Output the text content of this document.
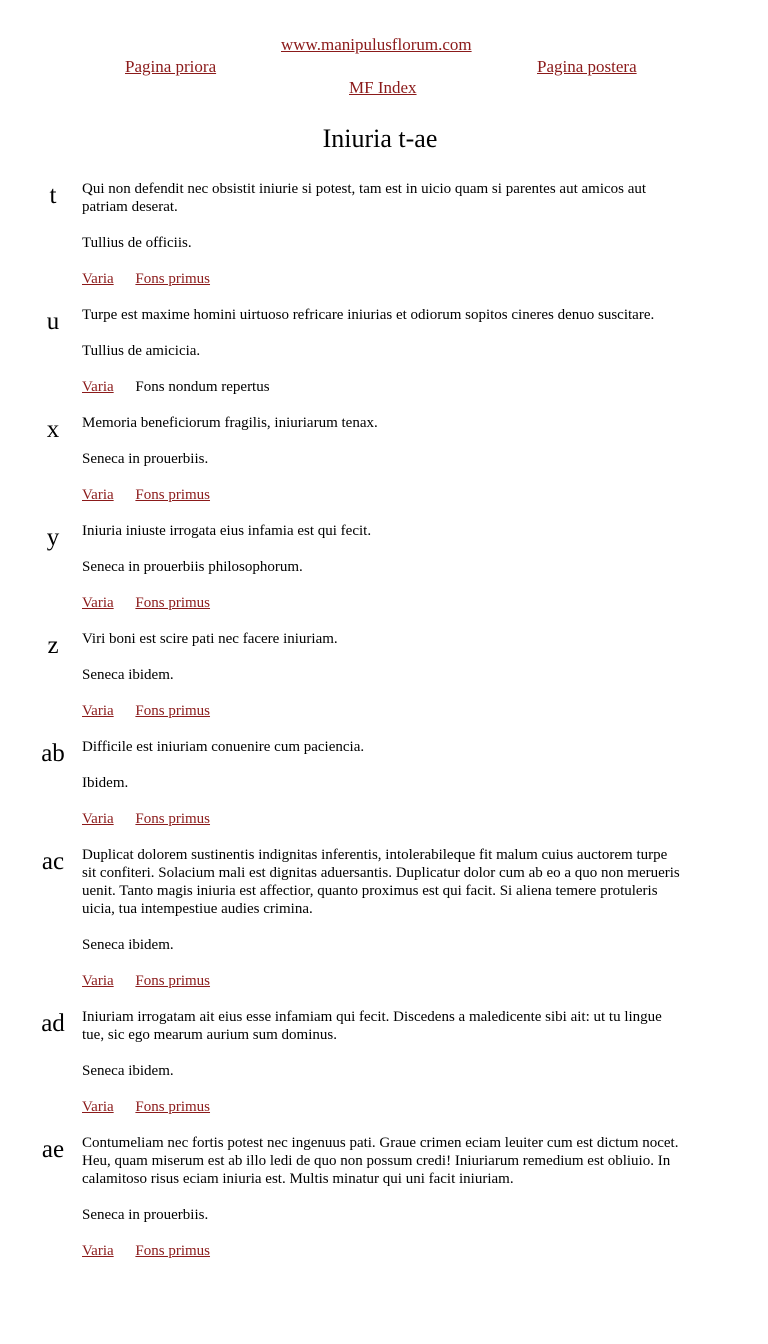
www.manipulusflorum.com
Pagina priora	Pagina postera
MF Index
Iniuria t-ae
t	Qui non defendit nec obsistit iniurie si potest, tam est in uicio quam si parentes aut amicos aut patriam deserat.

Tullius de officiis.

Varia Fons primus

u	Turpe est maxime homini uirtuoso refricare iniurias et odiorum sopitos cineres denuo suscitare.

Tullius de amicicia.

Varia Fons nondum repertus

x	Memoria beneficiorum fragilis, iniuriarum tenax.

Seneca in prouerbiis.

Varia Fons primus

y	Iniuria iniuste irrogata eius infamia est qui fecit.

Seneca in prouerbiis philosophorum.

Varia Fons primus

z	Viri boni est scire pati nec facere iniuriam.

Seneca ibidem.

Varia Fons primus

ab	Difficile est iniuriam conuenire cum paciencia.

Ibidem.

Varia Fons primus

ac	Duplicat dolorem sustinentis indignitas inferentis, intolerabileque fit malum cuius auctorem turpe sit confiteri. Solacium mali est dignitas aduersantis. Duplicatur dolor cum ab eo a quo non merueris uenit. Tanto magis iniuria est affectior, quanto proximus est qui facit. Si aliena temere protuleris uicia, tua intempestiue audies crimina.

Seneca ibidem.

Varia Fons primus

ad	Iniuriam irrogatam ait eius esse infamiam qui fecit. Discedens a maledicente sibi ait: ut tu lingue tue, sic ego mearum aurium sum dominus.

Seneca ibidem.

Varia Fons primus

ae	Contumeliam nec fortis potest nec ingenuus pati. Graue crimen eciam leuiter cum est dictum nocet. Heu, quam miserum est ab illo ledi de quo non possum credi! Iniuriarum remedium est obliuio. In calamitoso risus eciam iniuria est. Multis minatur qui uni facit iniuriam.

Seneca in prouerbiis.

Varia Fons primus
